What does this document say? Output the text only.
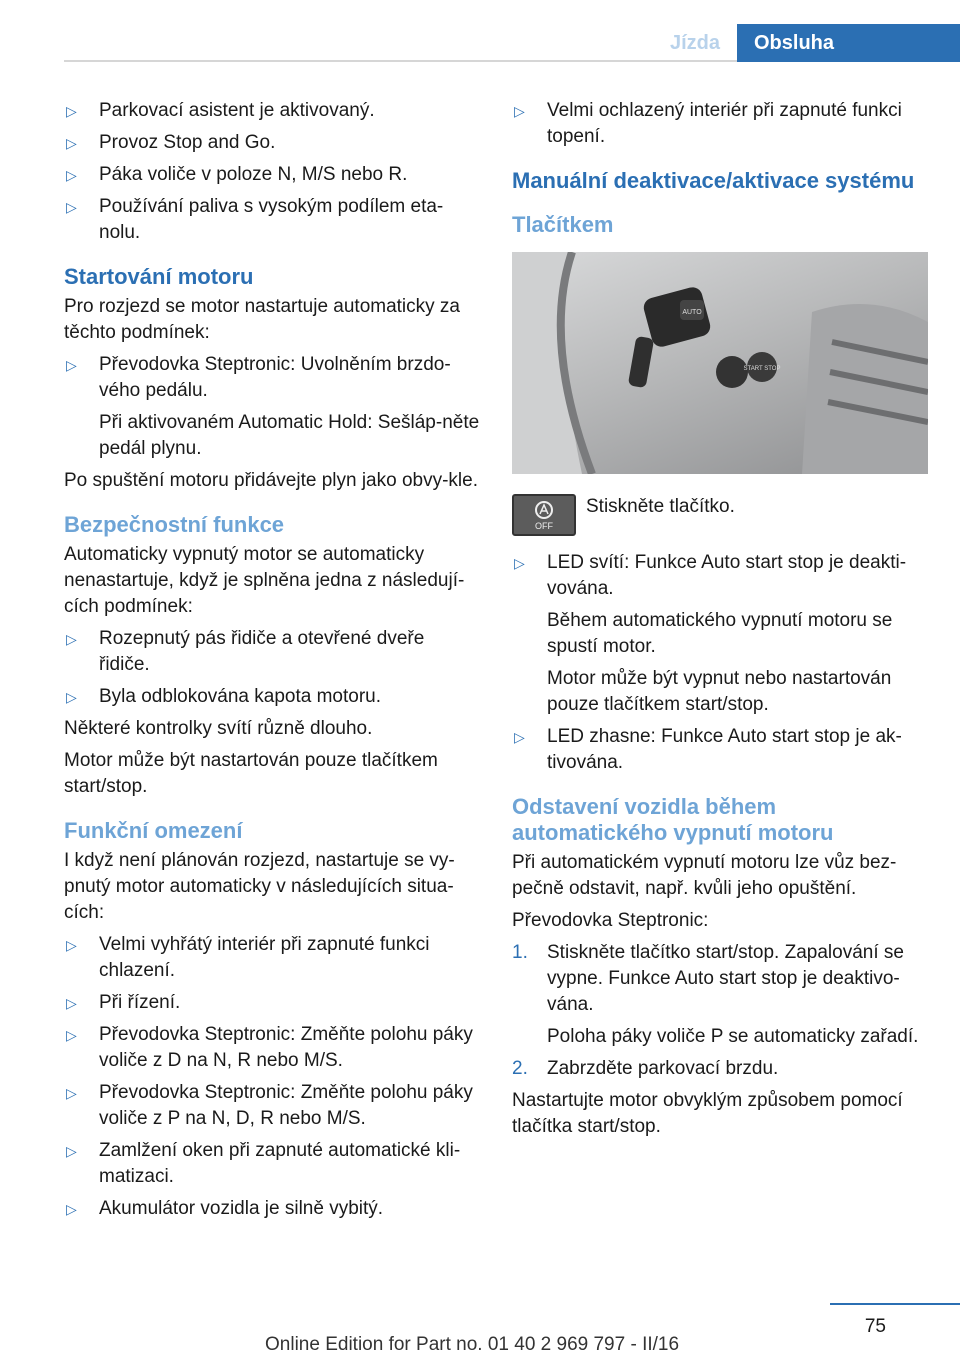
Jízda	Obsluha
▷ Parkovací asistent je aktivovaný.
▷ Provoz Stop and Go.
▷ Páka voliče v poloze N, M/S nebo R.
▷ Používání paliva s vysokým podílem eta-nolu.
Startování motoru
Pro rozjezd se motor nastartuje automaticky za těchto podmínek:
▷ Převodovka Steptronic: Uvolněním brzdo-vého pedálu.
Při aktivovaném Automatic Hold: Sešláp-něte pedál plynu.
Po spuštění motoru přidávejte plyn jako obvy-kle.
Bezpečnostní funkce
Automaticky vypnutý motor se automaticky nenastartuje, když je splněna jedna z následují-cích podmínek:
▷ Rozepnutý pás řidiče a otevřené dveře řidiče.
▷ Byla odblokována kapota motoru.
Některé kontrolky svítí různě dlouho.
Motor může být nastartován pouze tlačítkem start/stop.
Funkční omezení
I když není plánován rozjezd, nastartuje se vy-pnutý motor automaticky v následujících situa-cích:
▷ Velmi vyhřátý interiér při zapnuté funkci chlazení.
▷ Při řízení.
▷ Převodovka Steptronic: Změňte polohu páky voliče z D na N, R nebo M/S.
▷ Převodovka Steptronic: Změňte polohu páky voliče z P na N, D, R nebo M/S.
▷ Zamlžení oken při zapnuté automatické kli-matizaci.
▷ Akumulátor vozidla je silně vybitý.
▷ Velmi ochlazený interiér při zapnuté funkci topení.
Manuální deaktivace/aktivace systému
Tlačítkem
AUTO
START STOP
OFF
Stiskněte tlačítko.
▷ LED svítí: Funkce Auto start stop je deakti-vována.
Během automatického vypnutí motoru se spustí motor.
Motor může být vypnut nebo nastartován pouze tlačítkem start/stop.
▷ LED zhasne: Funkce Auto start stop je ak-tivována.
Odstavení vozidla během automatického vypnutí motoru
Při automatickém vypnutí motoru lze vůz bez-pečně odstavit, např. kvůli jeho opuštění.
Převodovka Steptronic:
1. Stiskněte tlačítko start/stop. Zapalování se vypne. Funkce Auto start stop je deaktivo-vána.
Poloha páky voliče P se automaticky zařadí.
2. Zabrzděte parkovací brzdu.
Nastartujte motor obvyklým způsobem pomocí tlačítka start/stop.
75
Online Edition for Part no. 01 40 2 969 797 - II/16
